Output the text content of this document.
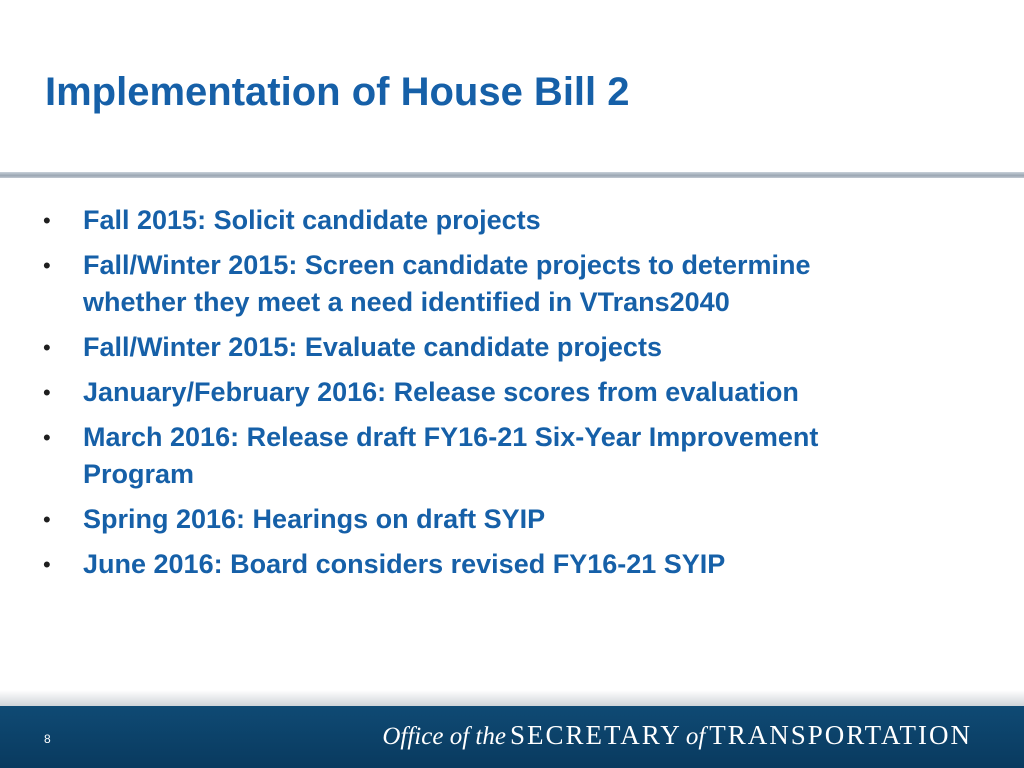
Implementation of House Bill 2
•	Fall 2015: Solicit candidate projects
•	Fall/Winter 2015: Screen candidate projects to determine whether they meet a need identified in VTrans2040
•	Fall/Winter 2015: Evaluate candidate projects
•	January/February 2016: Release scores from evaluation
•	March 2016: Release draft FY16-21 Six-Year Improvement Program
•	Spring 2016: Hearings on draft SYIP
•	June 2016: Board considers revised FY16-21 SYIP
8	Office of the SECRETARY of TRANSPORTATION
